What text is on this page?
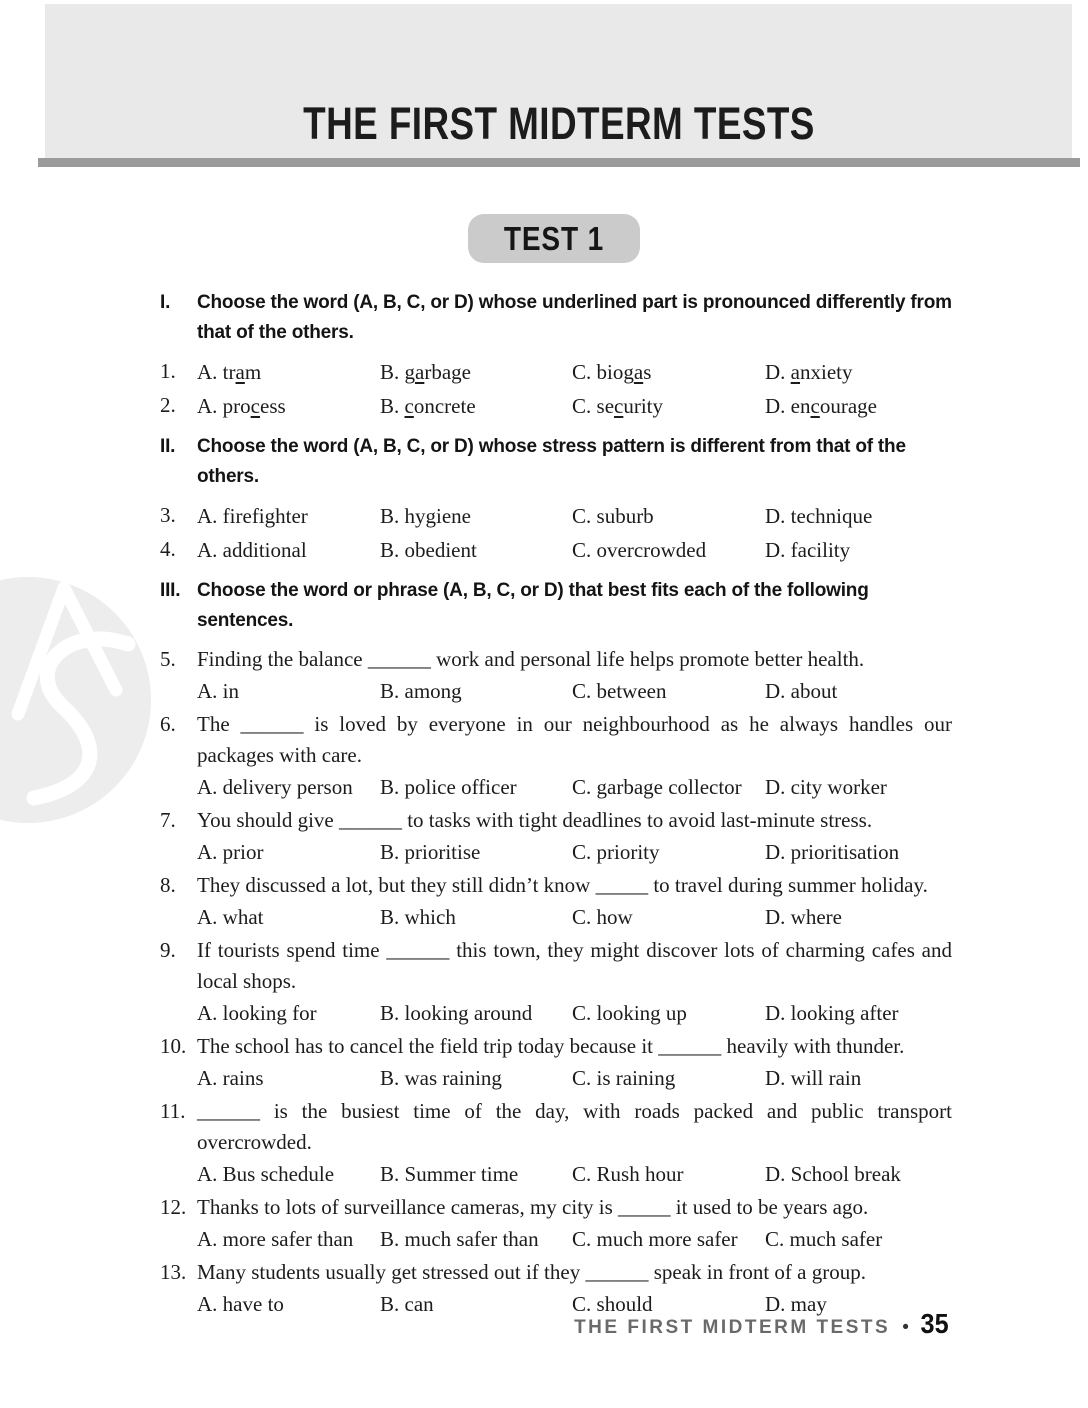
THE FIRST MIDTERM TESTS
TEST 1
I.	Choose the word (A, B, C, or D) whose underlined part is pronounced differently from that of the others.
1. A. tram	B. garbage	C. biogas	D. anxiety
2. A. process	B. concrete	C. security	D. encourage
II.	Choose the word (A, B, C, or D) whose stress pattern is different from that of the others.
3. A. firefighter	B. hygiene	C. suburb	D. technique
4. A. additional	B. obedient	C. overcrowded	D. facility
III. Choose the word or phrase (A, B, C, or D) that best fits each of the following sentences.
5. Finding the balance ______ work and personal life helps promote better health.
A. in	B. among	C. between	D. about
6. The ______ is loved by everyone in our neighbourhood as he always handles our packages with care.
A. delivery person	B. police officer	C. garbage collector	D. city worker
7. You should give ______ to tasks with tight deadlines to avoid last-minute stress.
A. prior	B. prioritise	C. priority	D. prioritisation
8. They discussed a lot, but they still didn’t know _____ to travel during summer holiday.
A. what	B. which	C. how	D. where
9. If tourists spend time ______ this town, they might discover lots of charming cafes and local shops.
A. looking for	B. looking around	C. looking up	D. looking after
10. The school has to cancel the field trip today because it ______ heavily with thunder.
A. rains	B. was raining	C. is raining	D. will rain
11. ______ is the busiest time of the day, with roads packed and public transport overcrowded.
A. Bus schedule	B. Summer time	C. Rush hour	D. School break
12. Thanks to lots of surveillance cameras, my city is _____ it used to be years ago.
A. more safer than	B. much safer than	C. much more safer	C. much safer
13. Many students usually get stressed out if they ______ speak in front of a group.
A. have to	B. can	C. should	D. may
THE FIRST MIDTERM TESTS • 35
